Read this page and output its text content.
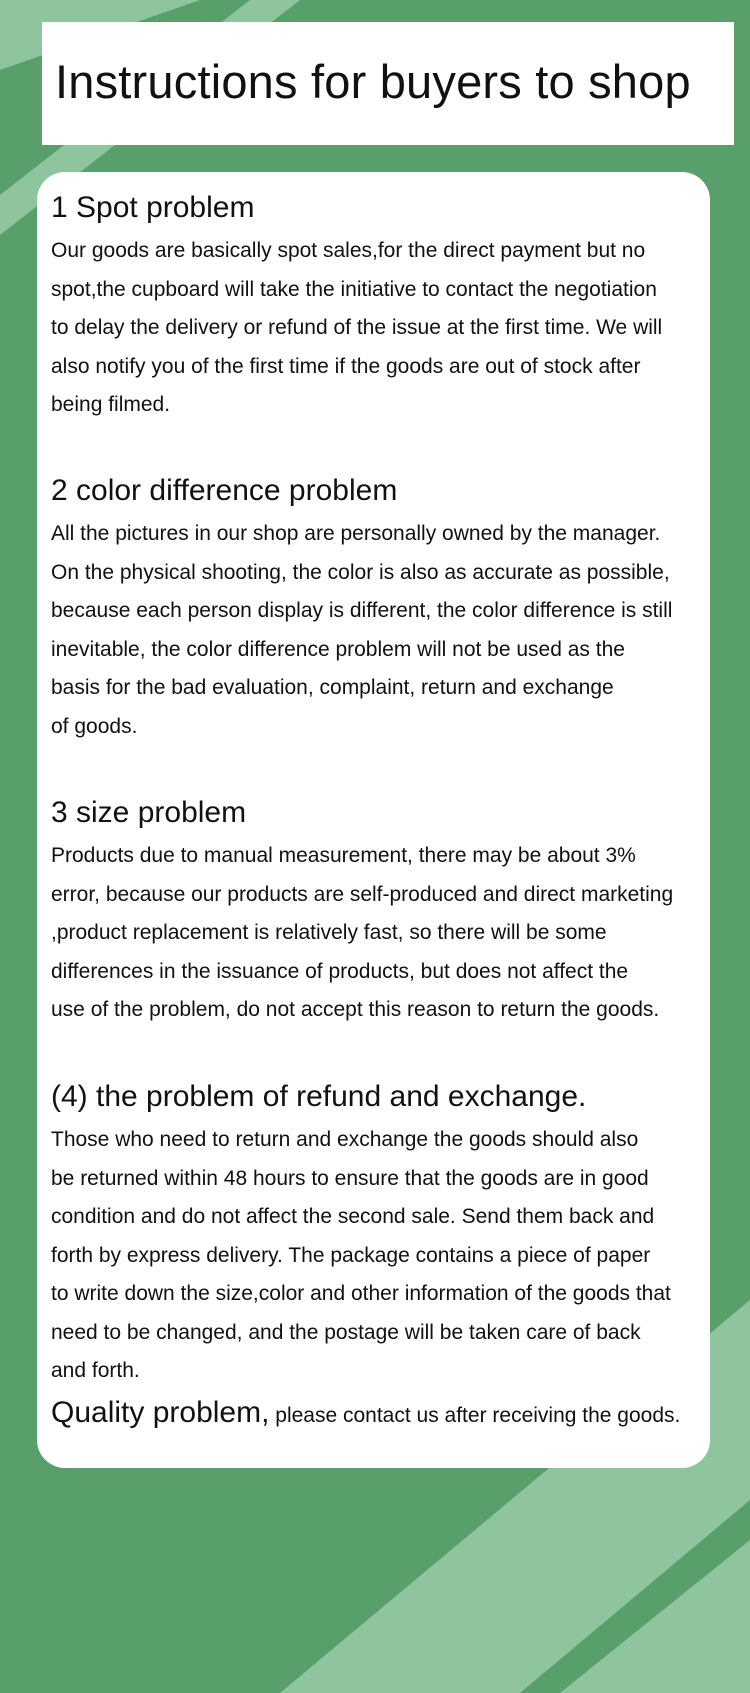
Instructions for buyers to shop
1 Spot problem

Our goods are basically spot sales,for the direct payment but no
spot,the cupboard will take the initiative to contact the negotiation
to delay the delivery or refund of the issue at the first time. We will
also notify you of the first time if the goods are out of stock after
being filmed.

2 color difference problem

All the pictures in our shop are personally owned by the manager.
On the physical shooting, the color is also as accurate as possible,
because each person display is different, the color difference is still
inevitable, the color difference problem will not be used as the
basis for the bad evaluation, complaint, return and exchange
of goods.

3 size problem

Products due to manual measurement, there may be about 3%
error, because our products are self-produced and direct marketing
,product replacement is relatively fast, so there will be some
differences in the issuance of products, but does not affect the
use of the problem, do not accept this reason to return the goods.

(4) the problem of refund and exchange.

Those who need to return and exchange the goods should also
be returned within 48 hours to ensure that the goods are in good
condition and do not affect the second sale. Send them back and
forth by express delivery. The package contains a piece of paper
to write down the size,color and other information of the goods that
need to be changed, and the postage will be taken care of back
and forth.

Quality problem, please contact us after receiving the goods.
